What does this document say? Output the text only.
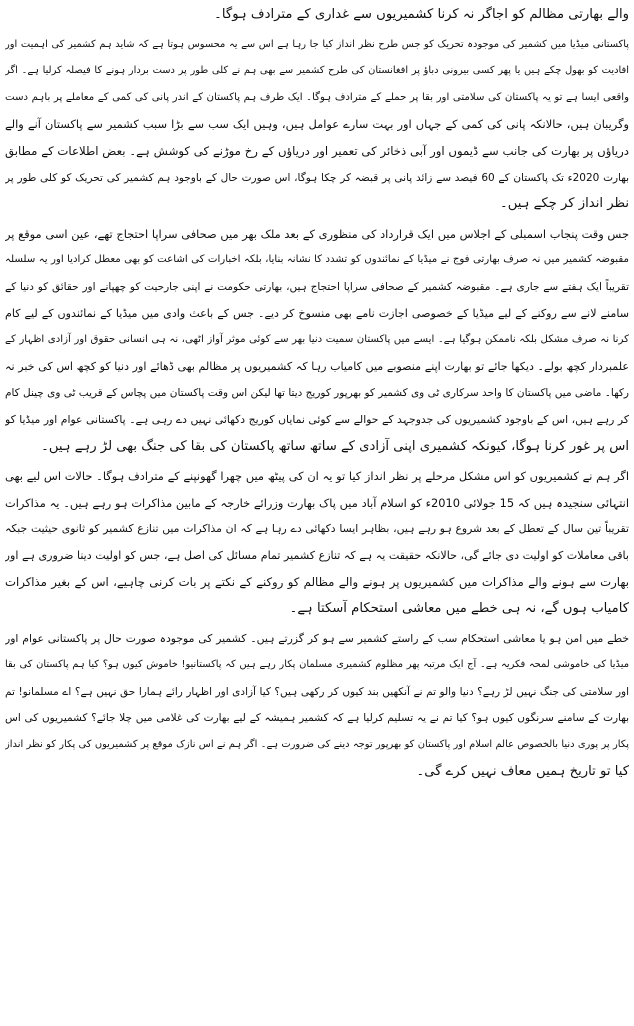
والے بھارتی مظالم کو اجاگر نہ کرنا کشمیریوں سے غداری کے مترادف ہوگا۔
پاکستانی میڈیا میں کشمیر کی موجودہ تحریک کو جس طرح نظر انداز کیا جا رہا ہے اس سے یہ محسوس ہوتا ہے کہ شاید ہم کشمیر کی اہمیت اور
افادیت کو بھول چکے ہیں یا پھر کسی بیرونی دباؤ پر افغانستان کی طرح کشمیر سے بھی ہم نے کلی طور پر دست بردار ہونے کا فیصلہ کرلیا ہے۔ اگر
واقعی ایسا ہے تو یہ پاکستان کی سلامتی اور بقا پر حملے کے مترادف ہوگا۔ ایک طرف ہم پاکستان کے اندر پانی کی کمی کے معاملے پر باہم دست
وگریبان ہیں، حالانکہ پانی کی کمی کے جہاں اور بہت سارے عوامل ہیں، وہیں ایک سب سے بڑا سبب کشمیر سے پاکستان آنے والے
دریاؤں پر بھارت کی جانب سے ڈیموں اور آبی ذخائر کی تعمیر اور دریاؤں کے رخ موڑنے کی کوشش ہے۔ بعض اطلاعات کے مطابق
بھارت 2020ء تک پاکستان کے 60 فیصد سے زائد پانی پر قبضہ کر چکا ہوگا، اس صورت حال کے باوجود ہم کشمیر کی تحریک کو کلی طور پر
نظر انداز کر چکے ہیں۔
جس وقت پنجاب اسمبلی کے اجلاس میں ایک قرارداد کی منظوری کے بعد ملک بھر میں صحافی سراپا احتجاج تھے، عین اسی موقع پر
مقبوضہ کشمیر میں نہ صرف بھارتی فوج نے میڈیا کے نمائندوں کو تشدد کا نشانہ بنایا، بلکہ اخبارات کی اشاعت کو بھی معطل کرادیا اور یہ سلسلہ
تقریباً ایک ہفتے سے جاری ہے۔ مقبوضہ کشمیر کے صحافی سراپا احتجاج ہیں، بھارتی حکومت نے اپنی جارحیت کو چھپانے اور حقائق کو دنیا کے
سامنے لانے سے روکنے کے لیے میڈیا کے خصوصی اجازت نامے بھی منسوخ کر دیے۔ جس کے باعث وادی میں میڈیا کے نمائندوں کے لیے کام
کرنا نہ صرف مشکل بلکہ ناممکن ہوگیا ہے۔ ایسے میں پاکستان سمیت دنیا بھر سے کوئی موثر آواز اٹھی، نہ ہی انسانی حقوق اور آزادی اظہار کے
علمبردار کچھ بولے۔ دیکھا جائے تو بھارت اپنے منصوبے میں کامیاب رہا کہ کشمیریوں پر مظالم بھی ڈھائے اور دنیا کو کچھ اس کی خبر نہ
رکھا۔ ماضی میں پاکستان کا واحد سرکاری ٹی وی کشمیر کو بھرپور کوریج دیتا تھا لیکن اس وقت پاکستان میں پچاس کے قریب ٹی وی چینل کام
کر رہے ہیں، اس کے باوجود کشمیریوں کی جدوجہد کے حوالے سے کوئی نمایاں کوریج دکھائی نہیں دے رہی ہے۔ پاکستانی عوام اور میڈیا کو
اس پر غور کرنا ہوگا، کیونکہ کشمیری اپنی آزادی کے ساتھ ساتھ پاکستان کی بقا کی جنگ بھی لڑ رہے ہیں۔
اگر ہم نے کشمیریوں کو اس مشکل مرحلے پر نظر انداز کیا تو یہ ان کی پیٹھ میں چھرا گھونپنے کے مترادف ہوگا۔ حالات اس لیے بھی
انتہائی سنجیدہ ہیں کہ 15 جولائی 2010ء کو اسلام آباد میں پاک بھارت وزرائے خارجہ کے مابین مذاکرات ہو رہے ہیں۔ یہ مذاکرات
تقریباً تین سال کے تعطل کے بعد شروع ہو رہے ہیں، بظاہر ایسا دکھائی دے رہا ہے کہ ان مذاکرات میں تنازع کشمیر کو ثانوی حیثیت جبکہ
باقی معاملات کو اولیت دی جائے گی، حالانکہ حقیقت یہ ہے کہ تنازع کشمیر تمام مسائل کی اصل ہے، جس کو اولیت دینا ضروری ہے اور
بھارت سے ہونے والے مذاکرات میں کشمیریوں پر ہونے والے مظالم کو روکنے کے نکتے پر بات کرنی چاہیے، اس کے بغیر مذاکرات
کامیاب ہوں گے، نہ ہی خطے میں معاشی استحکام آسکتا ہے۔
خطے میں امن ہو یا معاشی استحکام سب کے راستے کشمیر سے ہو کر گزرتے ہیں۔ کشمیر کی موجودہ صورت حال پر پاکستانی عوام اور
میڈیا کی خاموشی لمحہ فکریہ ہے۔ آج ایک مرتبہ پھر مظلوم کشمیری مسلمان پکار رہے ہیں کہ پاکستانیو! خاموش کیوں ہو؟ کیا ہم پاکستان کی بقا
اور سلامتی کی جنگ نہیں لڑ رہے؟ دنیا والو تم نے آنکھیں بند کیوں کر رکھی ہیں؟ کیا آزادی اور اظہار رائے ہمارا حق نہیں ہے؟ اے مسلمانو! تم
بھارت کے سامنے سرنگوں کیوں ہو؟ کیا تم نے یہ تسلیم کرلیا ہے کہ کشمیر ہمیشہ کے لیے بھارت کی غلامی میں چلا جائے؟ کشمیریوں کی اس
پکار پر پوری دنیا بالخصوص عالم اسلام اور پاکستان کو بھرپور توجہ دینے کی ضرورت ہے۔ اگر ہم نے اس نازک موقع پر کشمیریوں کی پکار کو نظر انداز
کیا تو تاریخ ہمیں معاف نہیں کرے گی۔
